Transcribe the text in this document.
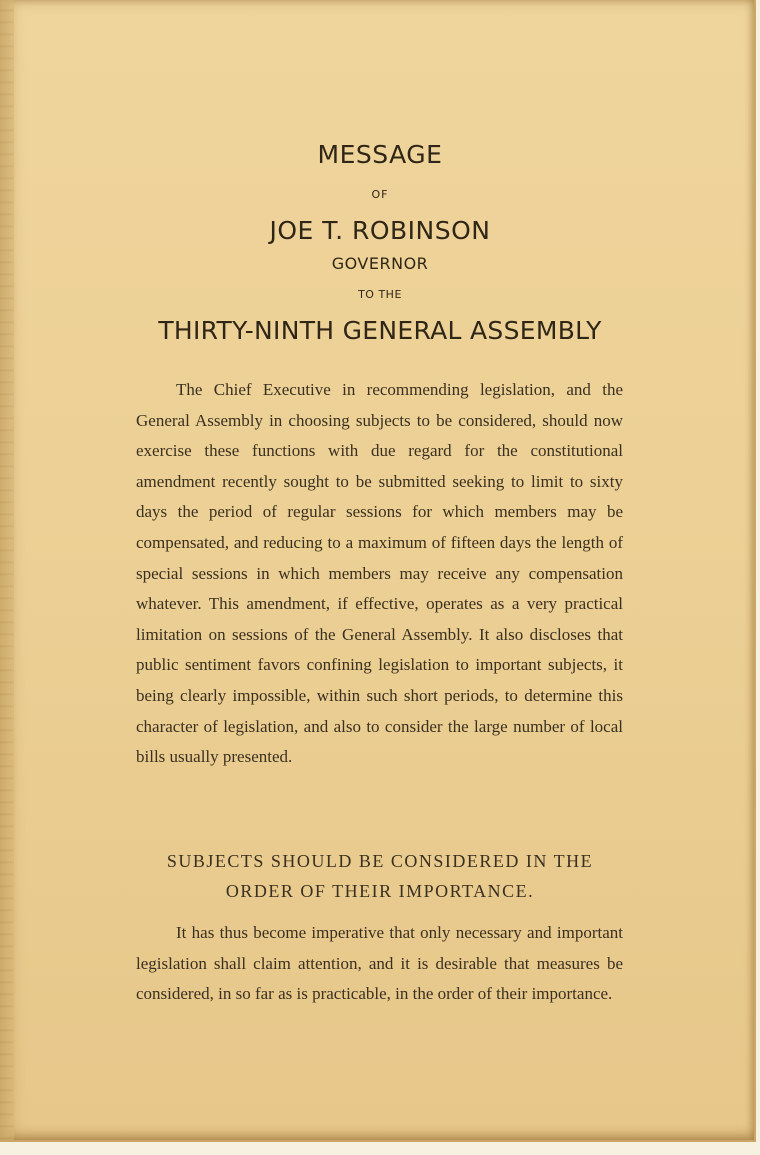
MESSAGE
OF
JOE T. ROBINSON
GOVERNOR
TO THE
THIRTY-NINTH GENERAL ASSEMBLY

The Chief Executive in recommending legislation, and the General Assembly in choosing subjects to be considered, should now exercise these functions with due regard for the constitutional amendment recently sought to be submitted seeking to limit to sixty days the period of regular sessions for which members may be compensated, and reducing to a maximum of fifteen days the length of special sessions in which members may receive any compensation whatever. This amendment, if effective, operates as a very practical limitation on sessions of the General Assembly. It also discloses that public sentiment favors confining legislation to important subjects, it being clearly impossible, within such short periods, to determine this character of legislation, and also to consider the large number of local bills usually presented.

SUBJECTS SHOULD BE CONSIDERED IN THE
ORDER OF THEIR IMPORTANCE.

It has thus become imperative that only necessary and important legislation shall claim attention, and it is desirable that measures be considered, in so far as is practicable, in the order of their importance.
